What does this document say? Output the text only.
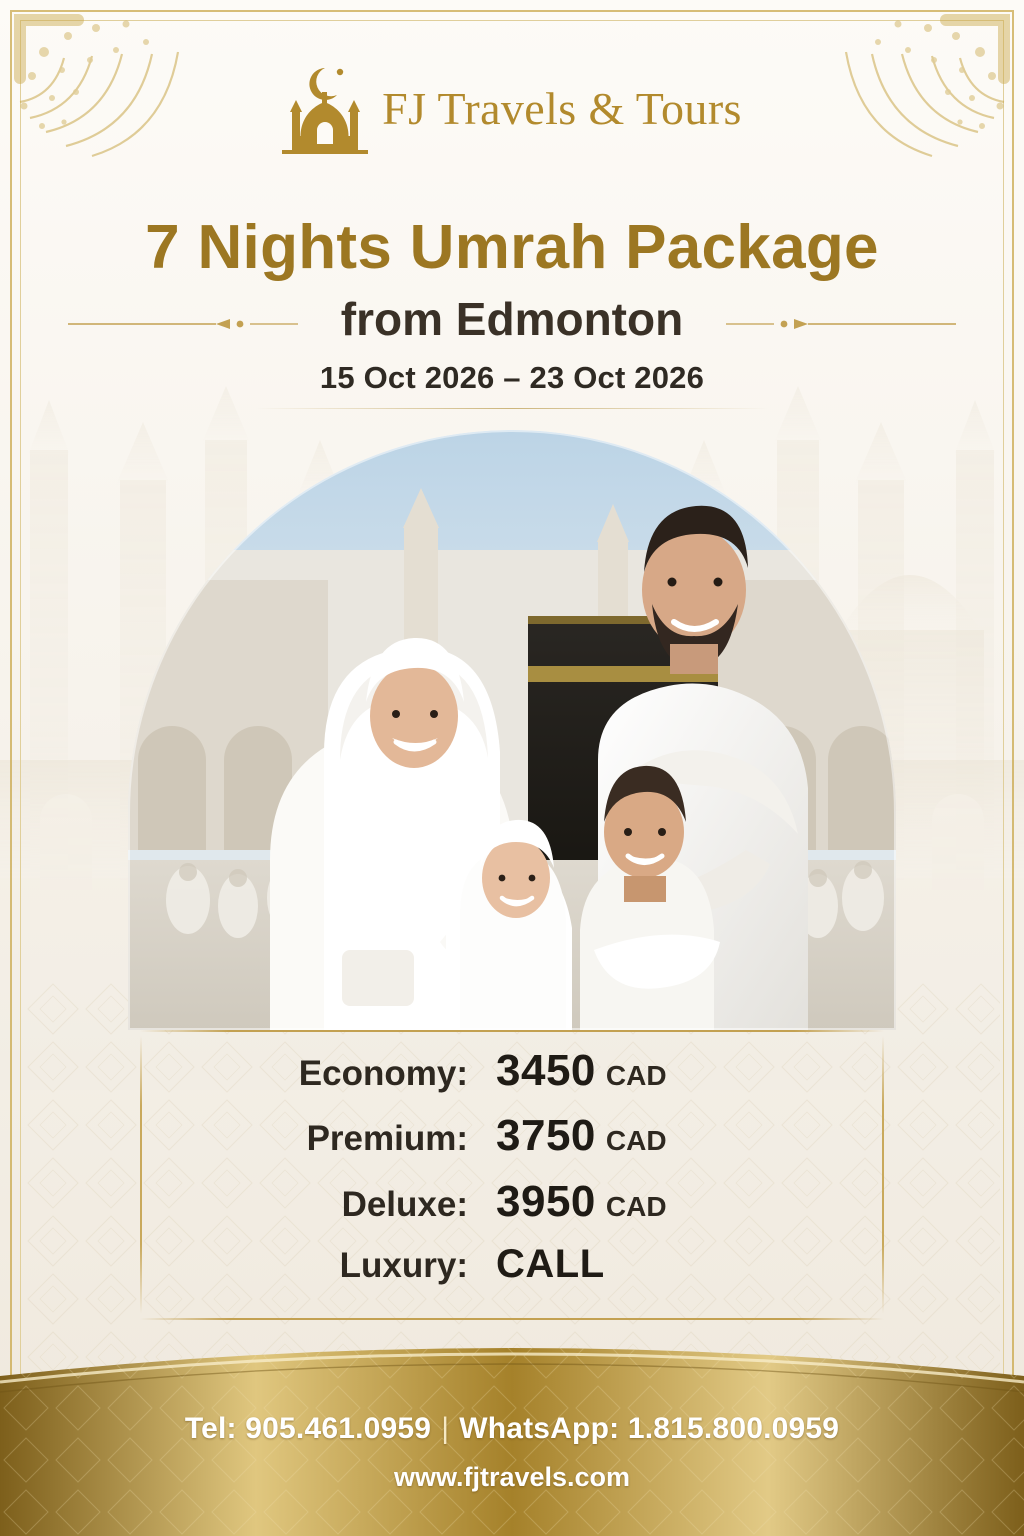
FJ Travels & Tours
7 Nights Umrah Package
from Edmonton
15 Oct 2026 – 23 Oct 2026
Economy: 3450 CAD
Premium: 3750 CAD
Deluxe: 3950 CAD
Luxury: CALL
Tel: 905.461.0959 | WhatsApp: 1.815.800.0959
www.fjtravels.com
